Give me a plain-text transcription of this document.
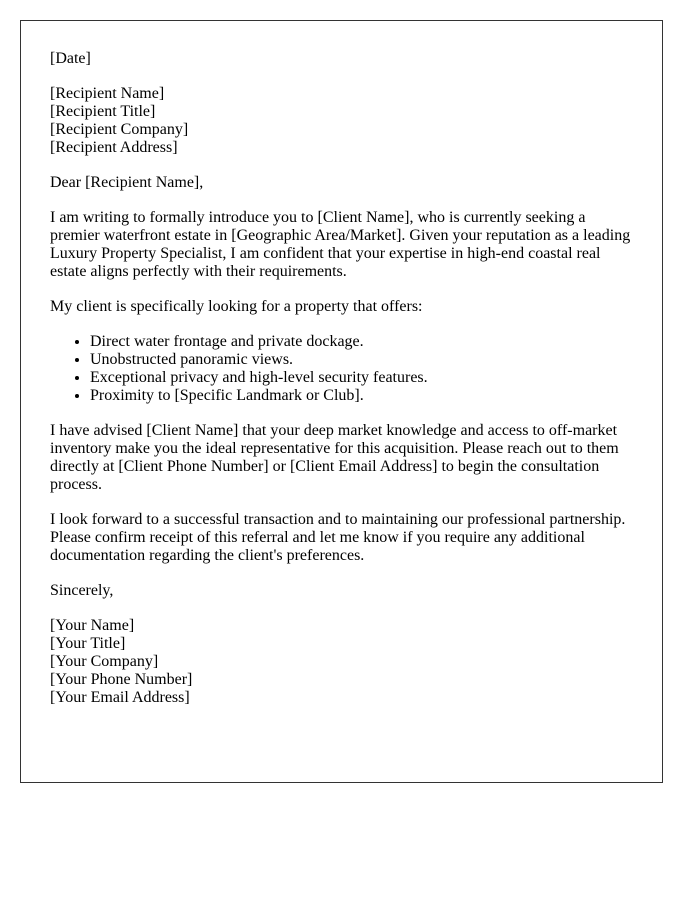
[Date]

[Recipient Name]
[Recipient Title]
[Recipient Company]
[Recipient Address]

Dear [Recipient Name],

I am writing to formally introduce you to [Client Name], who is currently seeking a premier waterfront estate in [Geographic Area/Market]. Given your reputation as a leading Luxury Property Specialist, I am confident that your expertise in high-end coastal real estate aligns perfectly with their requirements.

My client is specifically looking for a property that offers:

• Direct water frontage and private dockage.
• Unobstructed panoramic views.
• Exceptional privacy and high-level security features.
• Proximity to [Specific Landmark or Club].

I have advised [Client Name] that your deep market knowledge and access to off-market inventory make you the ideal representative for this acquisition. Please reach out to them directly at [Client Phone Number] or [Client Email Address] to begin the consultation process.

I look forward to a successful transaction and to maintaining our professional partnership. Please confirm receipt of this referral and let me know if you require any additional documentation regarding the client's preferences.

Sincerely,

[Your Name]
[Your Title]
[Your Company]
[Your Phone Number]
[Your Email Address]
